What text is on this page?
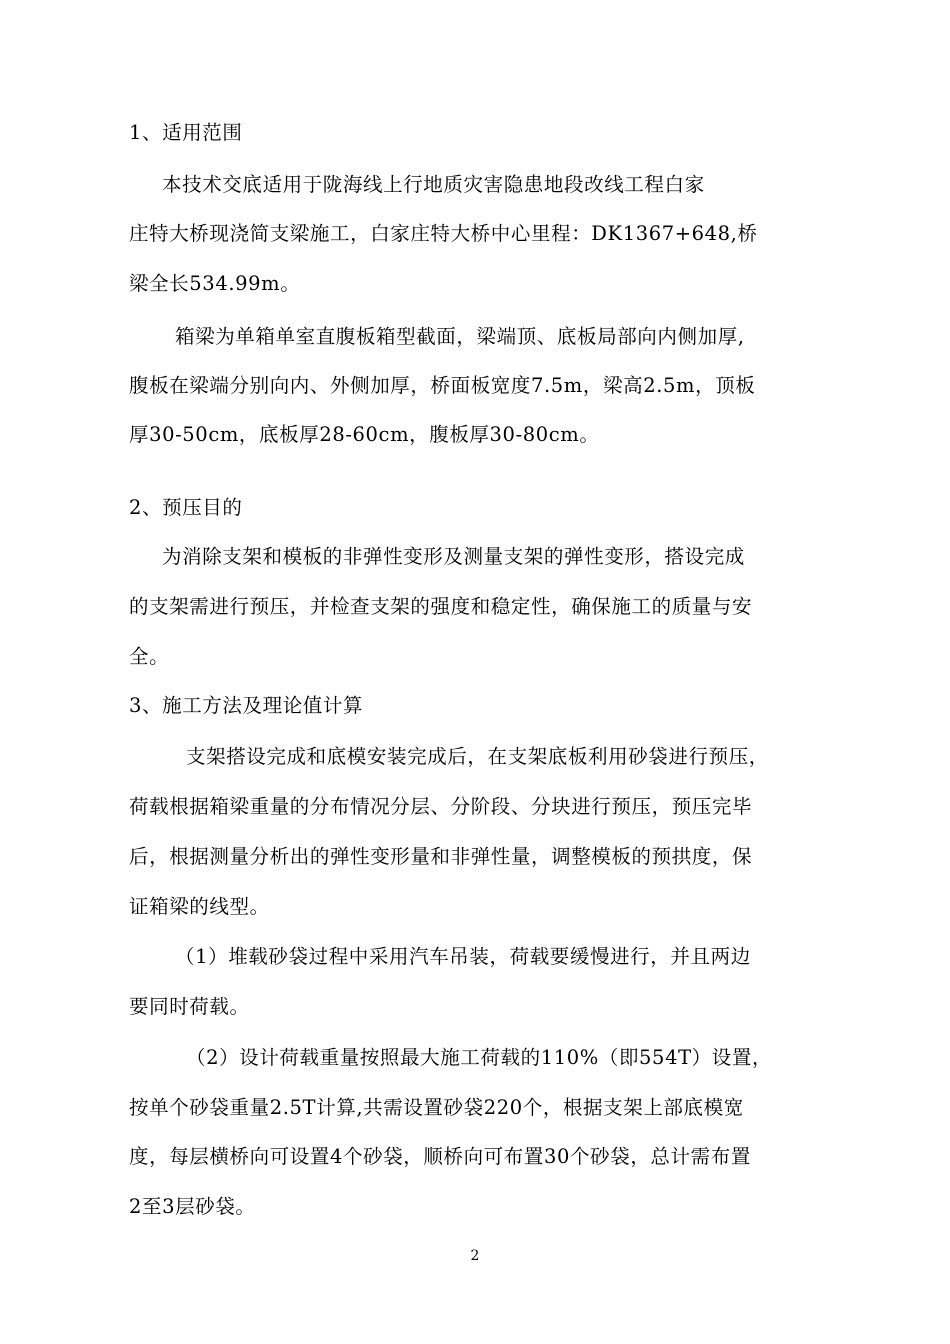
1、适用范围
本技术交底适用于陇海线上行地质灾害隐患地段改线工程白家
庄特大桥现浇简支梁施工，白家庄特大桥中心里程：DK1367+648,桥
梁全长534.99m。
箱梁为单箱单室直腹板箱型截面，梁端顶、底板局部向内侧加厚,
腹板在梁端分别向内、外侧加厚，桥面板宽度7.5m，梁高2.5m，顶板
厚30-50cm，底板厚28-60cm，腹板厚30-80cm。
2、预压目的
为消除支架和模板的非弹性变形及测量支架的弹性变形，搭设完成
的支架需进行预压，并检查支架的强度和稳定性，确保施工的质量与安
全。
3、施工方法及理论值计算
支架搭设完成和底模安装完成后，在支架底板利用砂袋进行预压，
荷载根据箱梁重量的分布情况分层、分阶段、分块进行预压，预压完毕
后，根据测量分析出的弹性变形量和非弹性量，调整模板的预拱度，保
证箱梁的线型。
（1）堆载砂袋过程中采用汽车吊装，荷载要缓慢进行，并且两边
要同时荷载。
（2）设计荷载重量按照最大施工荷载的110%（即554T）设置，
按单个砂袋重量2.5T计算,共需设置砂袋220个，根据支架上部底模宽
度，每层横桥向可设置4个砂袋，顺桥向可布置30个砂袋，总计需布置
2至3层砂袋。
2
